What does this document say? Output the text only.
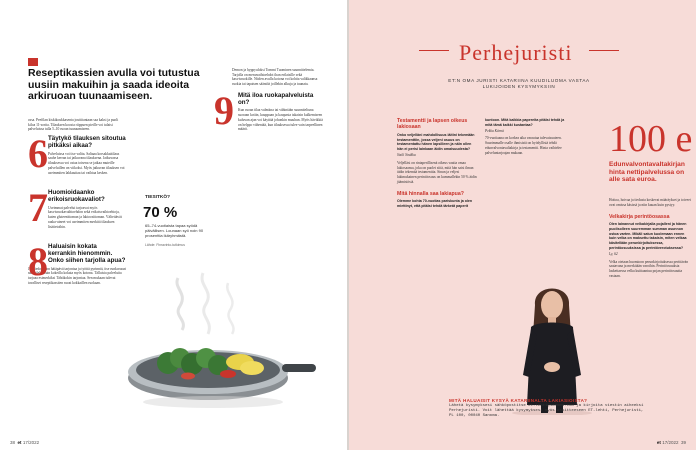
Reseptikassien avulla voi tutustua uusiin makuihin ja saada ideoita arkiruoan tuunaamiseen.

ossa. Peefilan kiskikoukkasenta jouttitantaan saa kaksi ja puoli kiloa 11-sortta. Tilauksen koosta riippuen pieille voi tulaisi palveluissa tulla 5–10 ruoan tuunaamiseen.

6 Täytykö tilauksen sitoutua pitkäksi aikaa?

Palveluissa voi tise valita. Saltaaa korsakkaitilaus sauhe kerran tai jatkuvana tilauksena. Jatkuvassa tilauksessa voi ostaa toisena se jatkaa muteille palveluillen on viikoksi. Myös jatkuvan tilauksen voi useimmiten lakkauttaa tai vaihtaa kesken.

7 Huomioidaanko erikoisruokavaliot?

Useimmat palvelut tarjoavat myös kasvisruokavaihtoehdon sekä erikoisvaihtoehtoja, kuten gluteenittoman ja laktoosittoman. Vältettävät raaka-aineet voi useimmiten merkitä tilauksen lisätietoihin.

8 Haluaisin kokata kerrankin hienommin. Onko siihen tarjolla apua?

Joo tiedossa on häiäpävä tarjontaa ja työttä pyrinniä, itse runkoruoat nais tilalta kuin kokeilla kokata myös kotona. Tällaisia palveluita tarjoaa esimerkiksi Tähtikokin tarjontaa. Sen mukaan tulevat tavalliset reseptikassiten ruoat kokkaillen ruokaan.

Demon ja hyppyuloksi Tommi Tuominen suunnittelemia. Tarjolla on menuvaihtoehdot ihan erilaisille sekä kasvisruokille. Niiden avulla kotona voi kohtia valikkaansa ruokia tai tapaisen sääntöä joillekin alkuja ja tuunata.

9 Mitä iloa ruokapalveluista on?

Kun ruoan tilaa valmiina tai vähintään suunniteltuna suoraan kotiin, kauppaan ja kaupasta takaisin kulkemiseen kuluvan ajan voi käyttää johonkin muuhun. Myös hävikkiä on helppo vähentää, kun tilauksessa tulee vain tarpeellinen määrä.

TIESITKÖ?
70 %
65–74-vuotiaista tapaa syödä päivällisen. Lounaan syö noin 90 prosenttia ikäryhmästä.
Lähde: Finravinto-tutkimus
38 et 17/2022
Perhejuristi
ET:N OMA JURISTI KATARIINA KUUDILUOMA VASTAA LUKIJOIDEN KYSYMYKSIIN

Testamentti ja lapsen oikeus lakiosaan

Onko veljelläni mahdollisuus iäitini tekemään testamenttiin, jossa veljeni osuus on testamentattu hänen lapsilleen ja näin ollen hän ei perisi lainkaan äidin omaisuudesta?

Sisili Sinikka

Veljelläsi on rintaperillisenä oikeus vaatia omaa lakiosaansa, joka on puolet siitä, mitä hän saisi ilman äidin tekemää testamenttia. Sinun ja veljesi lakimukainen perintöosuus on kummallekin 50 % äidin jäämistöstä.

Mitä hinnalla saa lakiapua?

Olemme kohta 70-vuotias pariskunta ja olen miettinyt, että pitäisi tehdä tärkeät paperit

kuntoon. Mitä kaikkia papereita pitäisi tehdä ja mitä tämä kaikki kustantaa?

Pekka Kärnä

70-vuotiaana on korkea aika varautua tulevaisuuteen. Suurimmalle osalle ihmisistä on hyödyllistä tehdä edunvalvontavaltakirja ja testamentti. Hinta vaihtelee palveluntarjoajan mukaan.	100 e
Edunvalvontavaltakirjan hinta nettipalvelussa on alle sata euroa.

Hoitoa, hoivaa ja tiedusta koskevat määräykset ja toiveet ovat omissa käsissä ja niin kauan kuin pystyy.

Velkakirja perintöosassa

Olen lainannut velkakirjalla pojalleni ja hänen puolisolleen suuremman summan asunnon ostoa varten. Mikäli satun kuolemaan ennen kuin velka on maksettu takaisin, miten velkaa käsitellään perunkirjoituksessa, perintöosuuksissa ja perintöverotuksessa?

Ly, 62

Velka otetaan huomioon perunkirjoituksessa perittävän saatavana ja merkitään varoihin. Perintöosuuksia laskettaessa velka kuittaantuu pojan perintöosuutta vastaan.

MITÄ HALUAISIT KYSYÄ KATARIINALTA LAKIASIOISTA?

Lähetä kysymyksesi sähköpostitse et-lehti@sanoma.com ja kirjoita viestin aiheeksi Perhejuristi. Voit lähettää kysymyksesi myös osoitteeseen ET-lehti, Perhejuristi, PL 100, 00040 Sanoma.

et 17/2022 39
